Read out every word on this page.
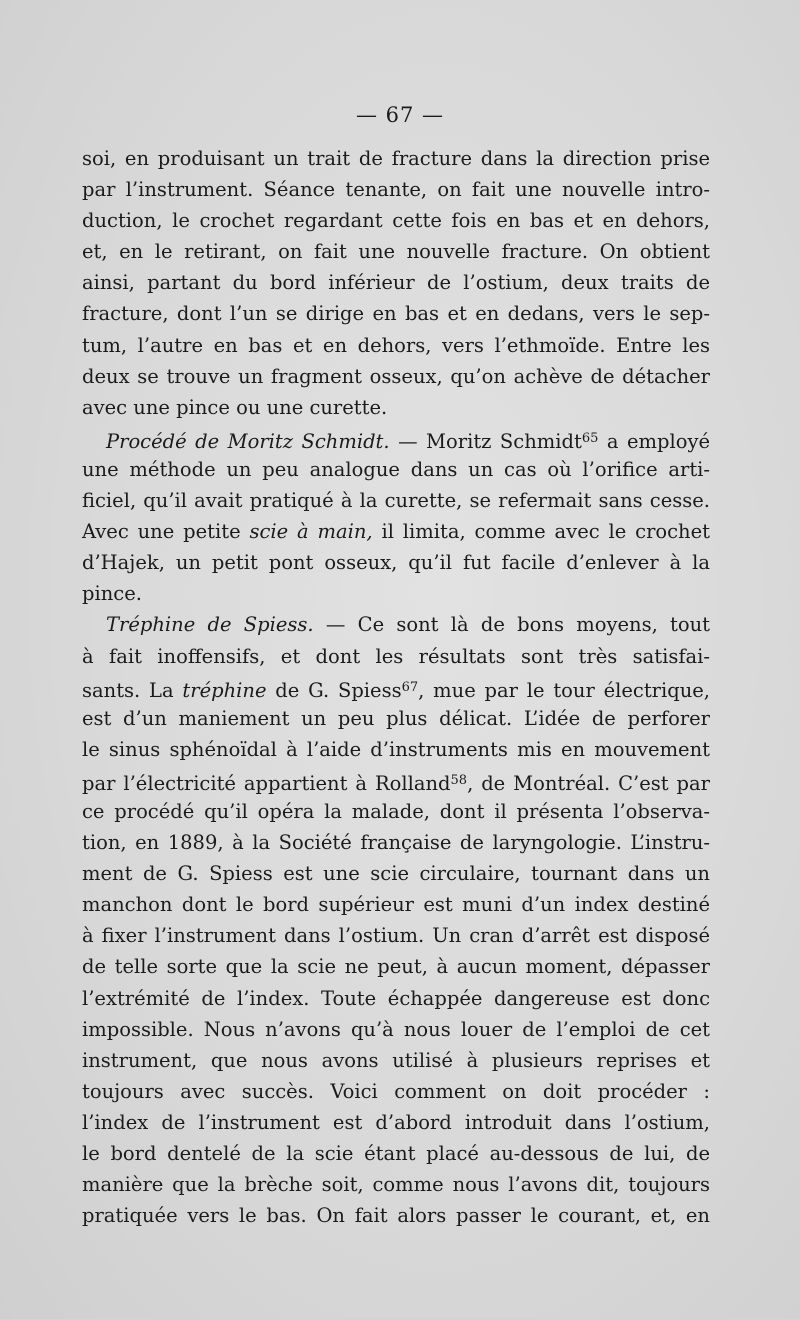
— 67 —
soi, en produisant un trait de fracture dans la direction prise
par l’instrument. Séance tenante, on fait une nouvelle intro-
duction, le crochet regardant cette fois en bas et en dehors,
et, en le retirant, on fait une nouvelle fracture. On obtient
ainsi, partant du bord inférieur de l’ostium, deux traits de
fracture, dont l’un se dirige en bas et en dedans, vers le sep-
tum, l’autre en bas et en dehors, vers l’ethmoïde. Entre les
deux se trouve un fragment osseux, qu’on achève de détacher
avec une pince ou une curette.
Procédé de Moritz Schmidt. — Moritz Schmidt$^{65}$ a employé
une méthode un peu analogue dans un cas où l’orifice arti-
ficiel, qu’il avait pratiqué à la curette, se refermait sans cesse.
Avec une petite scie à main, il limita, comme avec le crochet
d’Hajek, un petit pont osseux, qu’il fut facile d’enlever à la
pince.
Tréphine de Spiess. — Ce sont là de bons moyens, tout
à fait inoffensifs, et dont les résultats sont très satisfai-
sants. La tréphine de G. Spiess$^{67}$, mue par le tour électrique,
est d’un maniement un peu plus délicat. L’idée de perforer
le sinus sphénoïdal à l’aide d’instruments mis en mouvement
par l’électricité appartient à Rolland$^{58}$, de Montréal. C’est par
ce procédé qu’il opéra la malade, dont il présenta l’observa-
tion, en 1889, à la Société française de laryngologie. L’instru-
ment de G. Spiess est une scie circulaire, tournant dans un
manchon dont le bord supérieur est muni d’un index destiné
à fixer l’instrument dans l’ostium. Un cran d’arrêt est disposé
de telle sorte que la scie ne peut, à aucun moment, dépasser
l’extrémité de l’index. Toute échappée dangereuse est donc
impossible. Nous n’avons qu’à nous louer de l’emploi de cet
instrument, que nous avons utilisé à plusieurs reprises et
toujours avec succès. Voici comment on doit procéder :
l’index de l’instrument est d’abord introduit dans l’ostium,
le bord dentelé de la scie étant placé au-dessous de lui, de
manière que la brèche soit, comme nous l’avons dit, toujours
pratiquée vers le bas. On fait alors passer le courant, et, en
